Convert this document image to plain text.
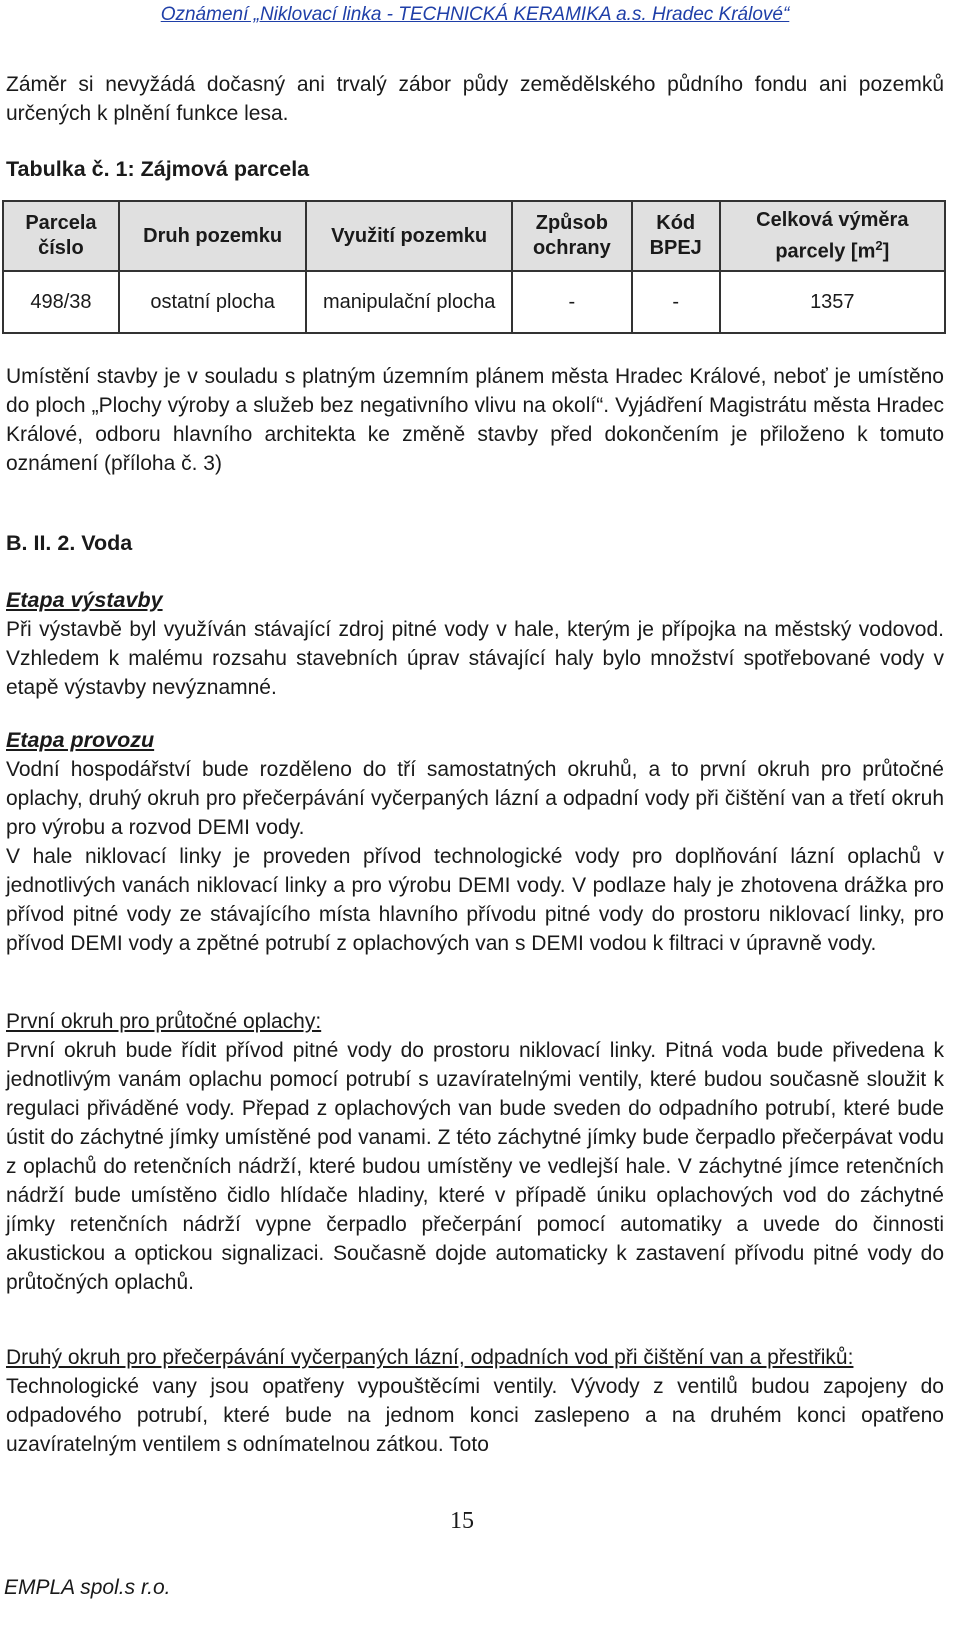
Oznámení „Niklovací linka - TECHNICKÁ KERAMIKA a.s. Hradec Králové“

Záměr si nevyžádá dočasný ani trvalý zábor půdy zemědělského půdního fondu ani pozemků určených k plnění funkce lesa.

Tabulka č. 1: Zájmová parcela
Parcela číslo	Druh pozemku	Využití pozemku	Způsob ochrany	Kód BPEJ	Celková výměra parcely $[m^2]$
498/38	ostatní plocha	manipulační plocha	-	-	1357

Umístění stavby je v souladu s platným územním plánem města Hradec Králové, neboť je umístěno do ploch „Plochy výroby a služeb bez negativního vlivu na okolí“. Vyjádření Magistrátu města Hradec Králové, odboru hlavního architekta ke změně stavby před dokončením je přiloženo k tomuto oznámení (příloha č. 3)

B. II. 2. Voda
Etapa výstavby

Při výstavbě byl využíván stávající zdroj pitné vody v hale, kterým je přípojka na městský vodovod. Vzhledem k malému rozsahu stavebních úprav stávající haly bylo množství spotřebované vody v etapě výstavby nevýznamné.

Etapa provozu

Vodní hospodářství bude rozděleno do tří samostatných okruhů, a to první okruh pro průtočné oplachy, druhý okruh pro přečerpávání vyčerpaných lázní a odpadní vody při čištění van a třetí okruh pro výrobu a rozvod DEMI vody.

V hale niklovací linky je proveden přívod technologické vody pro doplňování lázní oplachů v jednotlivých vanách niklovací linky a pro výrobu DEMI vody. V podlaze haly je zhotovena drážka pro přívod pitné vody ze stávajícího místa hlavního přívodu pitné vody do prostoru niklovací linky, pro přívod DEMI vody a zpětné potrubí z oplachových van s DEMI vodou k filtraci v úpravně vody.

První okruh pro průtočné oplachy:

První okruh bude řídit přívod pitné vody do prostoru niklovací linky. Pitná voda bude přivedena k jednotlivým vanám oplachu pomocí potrubí s uzavíratelnými ventily, které budou současně sloužit k regulaci přiváděné vody. Přepad z oplachových van bude sveden do odpadního potrubí, které bude ústit do záchytné jímky umístěné pod vanami. Z této záchytné jímky bude čerpadlo přečerpávat vodu z oplachů do retenčních nádrží, které budou umístěny ve vedlejší hale. V záchytné jímce retenčních nádrží bude umístěno čidlo hlídače hladiny, které v případě úniku oplachových vod do záchytné jímky retenčních nádrží vypne čerpadlo přečerpání pomocí automatiky a uvede do činnosti akustickou a optickou signalizaci. Současně dojde automaticky k zastavení přívodu pitné vody do průtočných oplachů.

Druhý okruh pro přečerpávání vyčerpaných lázní, odpadních vod při čištění van a přestřiků:

Technologické vany jsou opatřeny vypouštěcími ventily. Vývody z ventilů budou zapojeny do odpadového potrubí, které bude na jednom konci zaslepeno a na druhém konci opatřeno uzavíratelným ventilem s odnímatelnou zátkou. Toto

15
EMPLA spol.s r.o.
